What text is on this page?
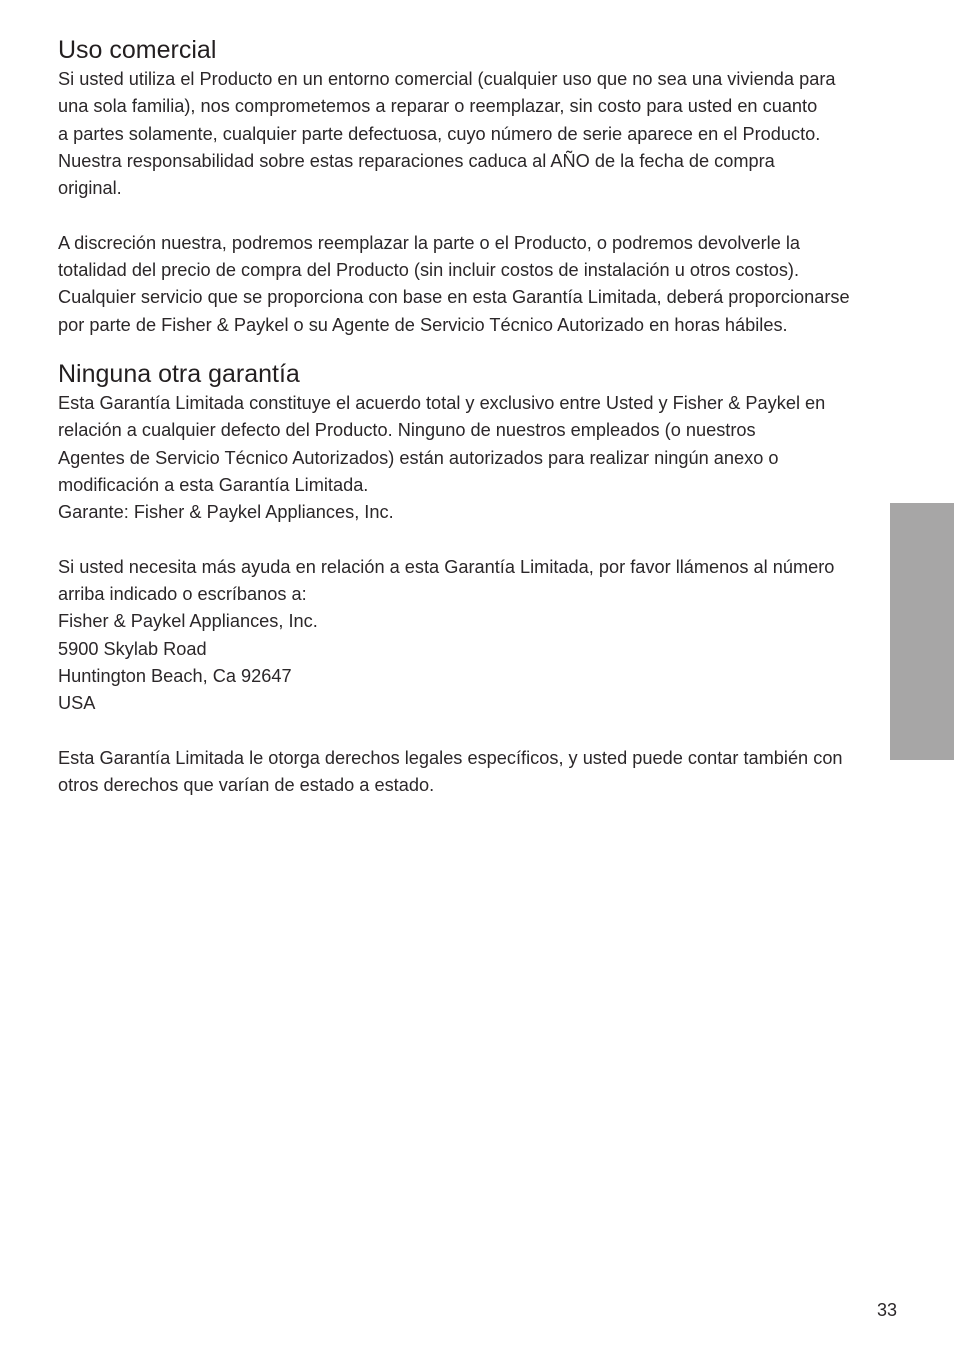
Uso comercial

Si usted utiliza el Producto en un entorno comercial (cualquier uso que no sea una vivienda para
una sola familia), nos comprometemos a reparar o reemplazar, sin costo para usted en cuanto
a partes solamente, cualquier parte defectuosa, cuyo número de serie aparece en el Producto.
Nuestra responsabilidad sobre estas reparaciones caduca al AÑO de la fecha de compra
original.

A discreción nuestra, podremos reemplazar la parte o el Producto, o podremos devolverle la
totalidad del precio de compra del Producto (sin incluir costos de instalación u otros costos).
Cualquier servicio que se proporciona con base en esta Garantía Limitada, deberá proporcionarse
por parte de Fisher & Paykel o su Agente de Servicio Técnico Autorizado en horas hábiles.

Ninguna otra garantía

Esta Garantía Limitada constituye el acuerdo total y exclusivo entre Usted y Fisher & Paykel en
relación a cualquier defecto del Producto. Ninguno de nuestros empleados (o nuestros
Agentes de Servicio Técnico Autorizados) están autorizados para realizar ningún anexo o
modificación a esta Garantía Limitada.
Garante: Fisher & Paykel Appliances, Inc.

Si usted necesita más ayuda en relación a esta Garantía Limitada, por favor llámenos al número
arriba indicado o escríbanos a:
Fisher & Paykel Appliances, Inc.
5900 Skylab Road
Huntington Beach, Ca 92647
USA

Esta Garantía Limitada le otorga derechos legales específicos, y usted puede contar también con
otros derechos que varían de estado a estado.

33
